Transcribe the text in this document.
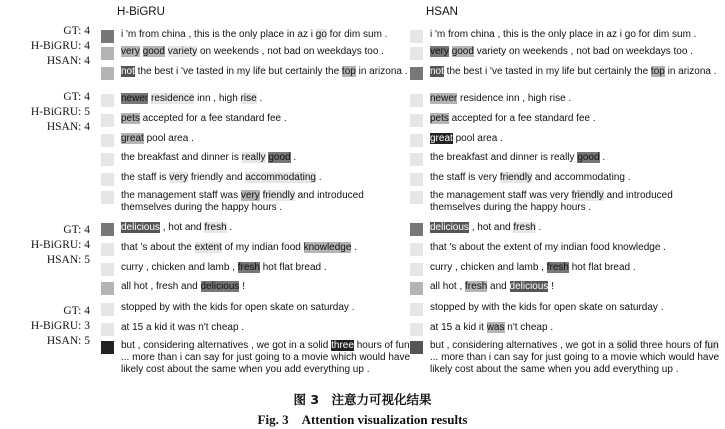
H-BiGRU	HSAN
GT: 4
H-BiGRU: 4
HSAN: 4
i 'm from china , this is the only place in az i go for dim sum .
very good variety on weekends , not bad on weekdays too .
not the best i 've tasted in my life but certainly the top in arizona .
i 'm from china , this is the only place in az i go for dim sum .
very good variety on weekends , not bad on weekdays too .
not the best i 've tasted in my life but certainly the top in arizona .
GT: 4
H-BiGRU: 5
HSAN: 4
newer residence inn , high rise .
pets accepted for a fee standard fee .
great pool area .
the breakfast and dinner is really good .
the staff is very friendly and accommodating .
the management staff was very friendly and introduced themselves during the happy hours .
newer residence inn , high rise .
pets accepted for a fee standard fee .
great pool area .
the breakfast and dinner is really good .
the staff is very friendly and accommodating .
the management staff was very friendly and introduced themselves during the happy hours .
GT: 4
H-BiGRU: 4
HSAN: 5
delicious , hot and fresh .
that 's about the extent of my indian food knowledge .
curry , chicken and lamb , fresh hot flat bread .
all hot , fresh and delicious !
delicious , hot and fresh .
that 's about the extent of my indian food knowledge .
curry , chicken and lamb , fresh hot flat bread .
all hot , fresh and delicious !
GT: 4
H-BiGRU: 3
HSAN: 5
stopped by with the kids for open skate on saturday .
at 15 a kid it was n't cheap .
but , considering alternatives , we got in a solid three hours of fun ... more than i can say for just going to a movie which would have likely cost about the same when you add everything up .
stopped by with the kids for open skate on saturday .
at 15 a kid it was n't cheap .
but , considering alternatives , we got in a solid three hours of fun ... more than i can say for just going to a movie which would have likely cost about the same when you add everything up .
图 3　注意力可视化结果
Fig. 3　Attention visualization results
